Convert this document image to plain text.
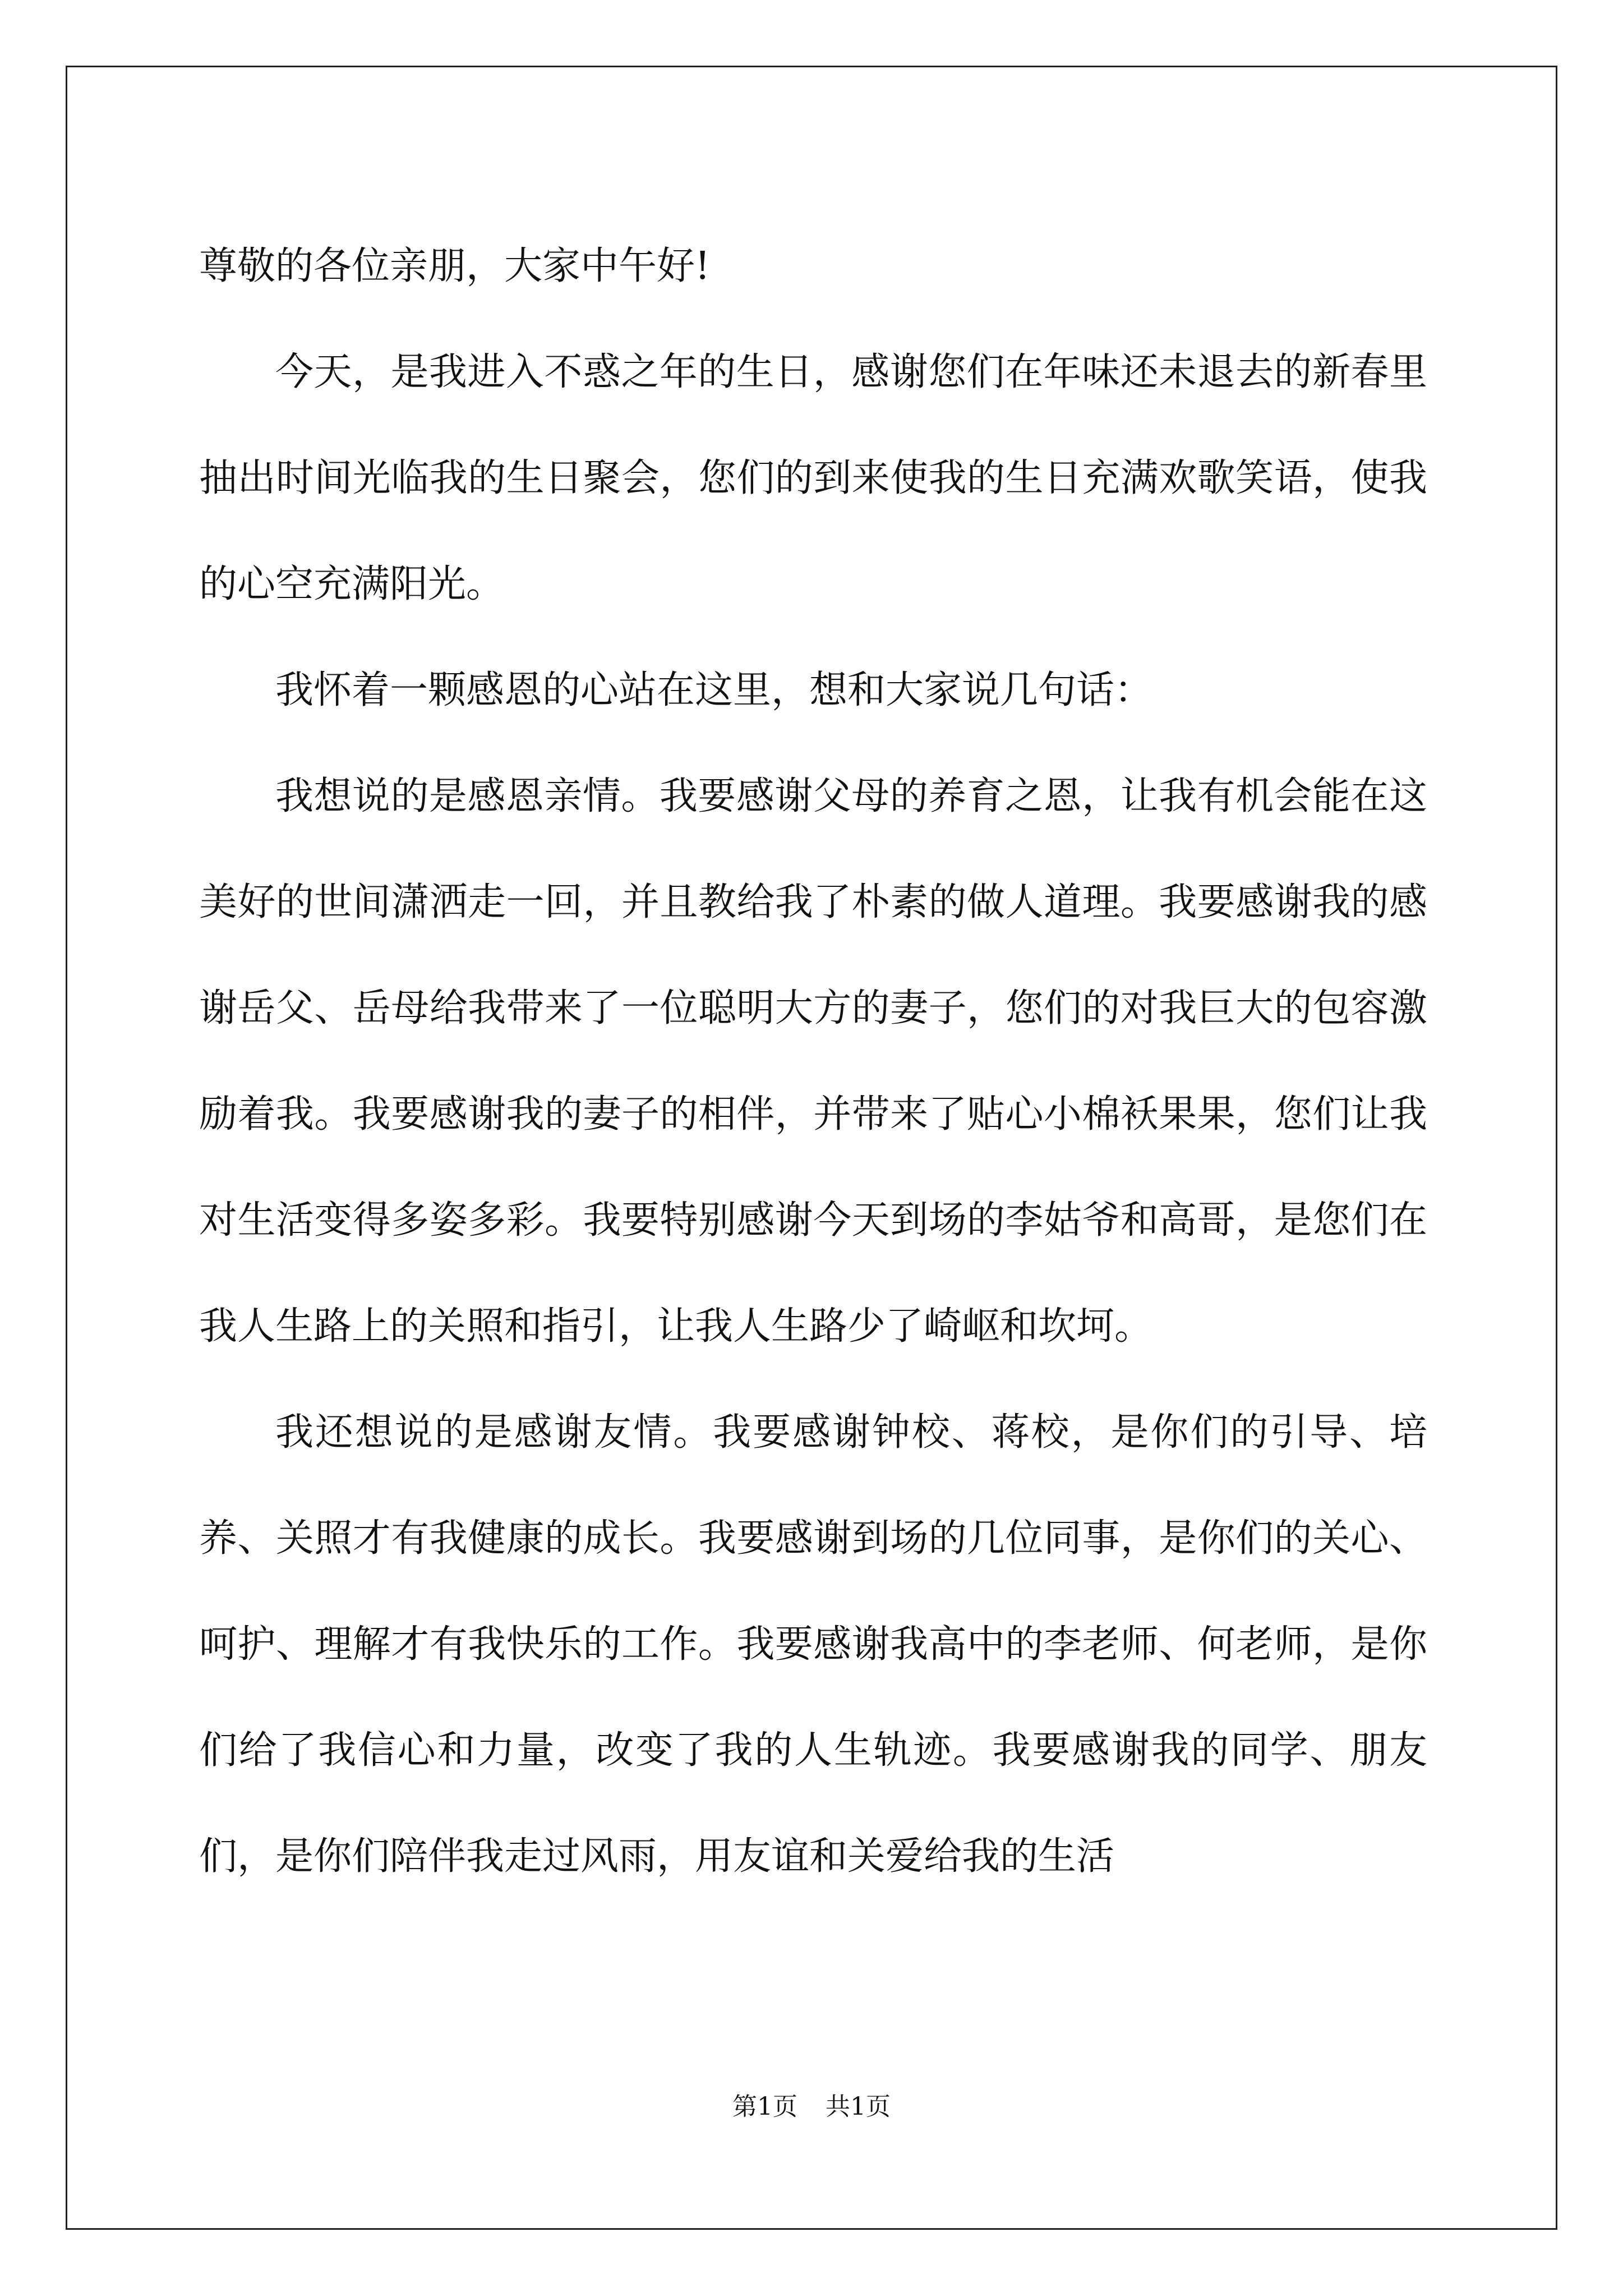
尊敬的各位亲朋，大家中午好!

今天，是我进入不惑之年的生日，感谢您们在年味还未退去的新春里抽出时间光临我的生日聚会，您们的到来使我的生日充满欢歌笑语，使我的心空充满阳光。

我怀着一颗感恩的心站在这里，想和大家说几句话：

我想说的是感恩亲情。我要感谢父母的养育之恩，让我有机会能在这美好的世间潇洒走一回，并且教给我了朴素的做人道理。我要感谢我的感谢岳父、岳母给我带来了一位聪明大方的妻子，您们的对我巨大的包容激励着我。我要感谢我的妻子的相伴，并带来了贴心小棉袄果果，您们让我对生活变得多姿多彩。我要特别感谢今天到场的李姑爷和高哥，是您们在我人生路上的关照和指引，让我人生路少了崎岖和坎坷。

我还想说的是感谢友情。我要感谢钟校、蒋校，是你们的引导、培养、关照才有我健康的成长。我要感谢到场的几位同事，是你们的关心、呵护、理解才有我快乐的工作。我要感谢我高中的李老师、何老师，是你们给了我信心和力量，改变了我的人生轨迹。我要感谢我的同学、朋友们，是你们陪伴我走过风雨，用友谊和关爱给我的生活

第1页 共1页
